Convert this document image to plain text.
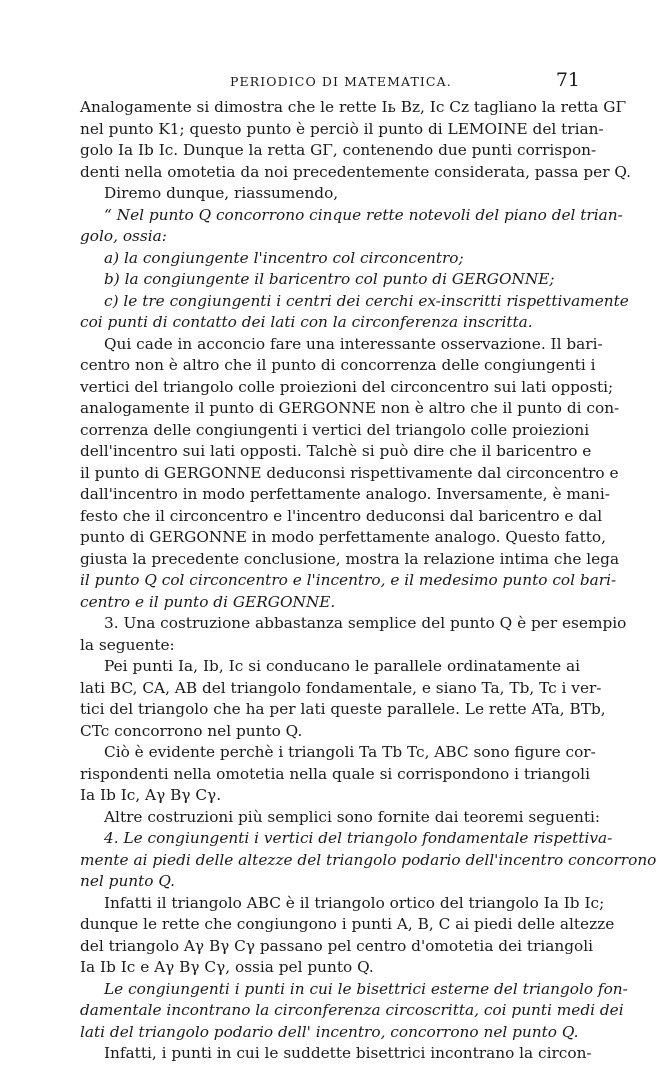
PERIODICO DI MATEMATICA.	71
Analogamente si dimostra che le rette Iь Bz, Ic Cz tagliano la retta GΓ
nel punto K1; questo punto è perciò il punto di LEMOINE del trian-
golo Ia Ib Ic. Dunque la retta GΓ, contenendo due punti corrispon-
denti nella omotetia da noi precedentemente considerata, passa per Q.
Diremo dunque, riassumendo,
“ Nel punto Q concorrono cinque rette notevoli del piano del trian-
golo, ossia:
a) la congiungente l'incentro col circoncentro;
b) la congiungente il baricentro col punto di GERGONNE;
c) le tre congiungenti i centri dei cerchi ex-inscritti rispettivamente
coi punti di contatto dei lati con la circonferenza inscritta.
Qui cade in acconcio fare una interessante osservazione. Il bari-
centro non è altro che il punto di concorrenza delle congiungenti i
vertici del triangolo colle proiezioni del circoncentro sui lati opposti;
analogamente il punto di GERGONNE non è altro che il punto di con-
correnza delle congiungenti i vertici del triangolo colle proiezioni
dell'incentro sui lati opposti. Talchè si può dire che il baricentro e
il punto di GERGONNE deduconsi rispettivamente dal circoncentro e
dall'incentro in modo perfettamente analogo. Inversamente, è mani-
festo che il circoncentro e l'incentro deduconsi dal baricentro e dal
punto di GERGONNE in modo perfettamente analogo. Questo fatto,
giusta la precedente conclusione, mostra la relazione intima che lega
il punto Q col circoncentro e l'incentro, e il medesimo punto col bari-
centro e il punto di GERGONNE.
3. Una costruzione abbastanza semplice del punto Q è per esempio
la seguente:
Pei punti Ia, Ib, Ic si conducano le parallele ordinatamente ai
lati BC, CA, AB del triangolo fondamentale, e siano Ta, Tb, Tc i ver-
tici del triangolo che ha per lati queste parallele. Le rette ATa, BTb,
CTc concorrono nel punto Q.
Ciò è evidente perchè i triangoli Ta Tb Tc, ABC sono figure cor-
rispondenti nella omotetia nella quale si corrispondono i triangoli
Ia Ib Ic, Aγ Bγ Cγ.
Altre costruzioni più semplici sono fornite dai teoremi seguenti:
4. Le congiungenti i vertici del triangolo fondamentale rispettiva-
mente ai piedi delle altezze del triangolo podario dell'incentro concorrono
nel punto Q.
Infatti il triangolo ABC è il triangolo ortico del triangolo Ia Ib Ic;
dunque le rette che congiungono i punti A, B, C ai piedi delle altezze
del triangolo Aγ Bγ Cγ passano pel centro d'omotetia dei triangoli
Ia Ib Ic e Aγ Bγ Cγ, ossia pel punto Q.
Le congiungenti i punti in cui le bisettrici esterne del triangolo fon-
damentale incontrano la circonferenza circoscritta, coi punti medi dei
lati del triangolo podario dell' incentro, concorrono nel punto Q.
Infatti, i punti in cui le suddette bisettrici incontrano la circon-
